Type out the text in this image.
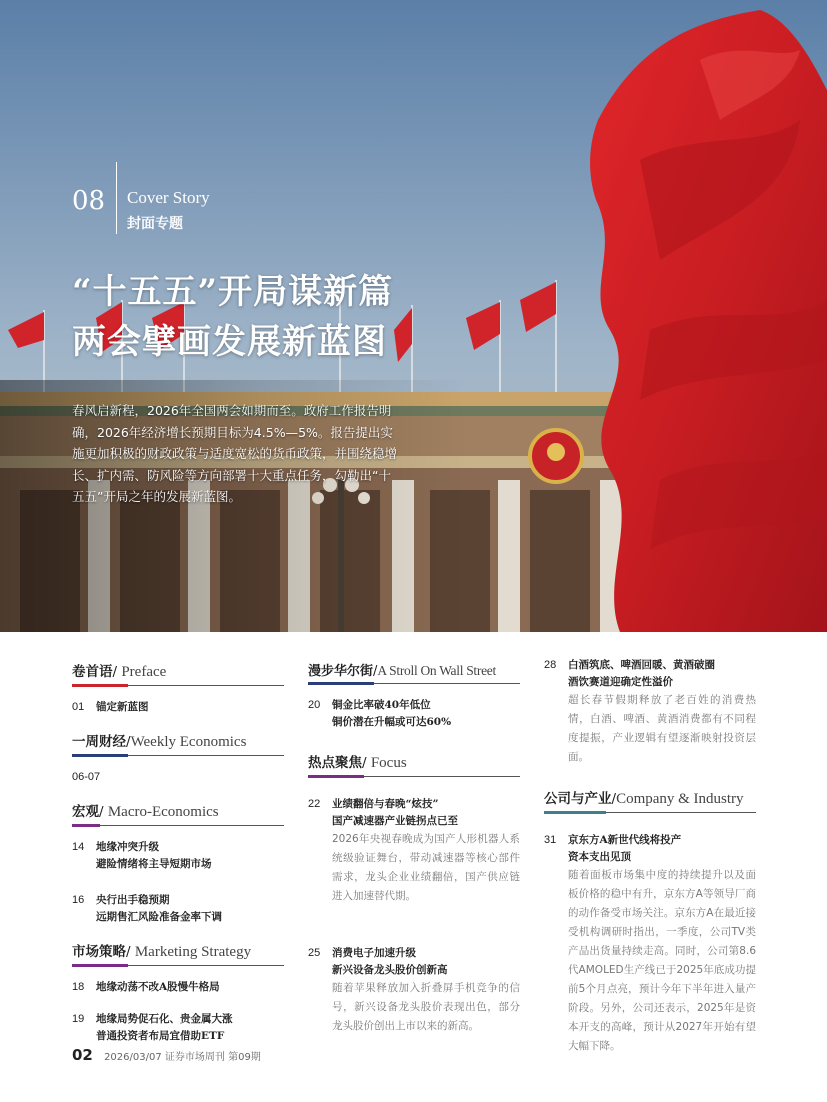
08 Cover Story
封面专题
“十五五”开局谋新篇
两会擘画发展新蓝图
春风启新程，2026年全国两会如期而至。政府工作报告明确，2026年经济增长预期目标为4.5%—5%。报告提出实施更加积极的财政政策与适度宽松的货币政策，并围绕稳增长、扩内需、防风险等方向部署十大重点任务，勾勒出“十五五”开局之年的发展新蓝图。
卷首语/ Preface
01 锚定新蓝图
一周财经/Weekly Economics
06-07
宏观/ Macro-Economics
14 地缘冲突升级
避险情绪将主导短期市场
16 央行出手稳预期
远期售汇风险准备金率下调
市场策略/ Marketing Strategy
18 地缘动荡不改A股慢牛格局
19 地缘局势促石化、贵金属大涨
普通投资者布局宜借助ETF
漫步华尔街/A Stroll On Wall Street
20 铜金比率破40年低位
铜价潜在升幅或可达60%
热点聚焦/ Focus
22 业绩翻倍与春晚“炫技”
国产减速器产业链拐点已至
2026年央视春晚成为国产人形机器人系统级验证舞台，带动减速器等核心部件需求，龙头企业业绩翻倍，国产供应链进入加速替代期。
25 消费电子加速升级
新兴设备龙头股价创新高
随着苹果释放加入折叠屏手机竞争的信号，新兴设备龙头股价表现出色，部分龙头股价创出上市以来的新高。
28 白酒筑底、啤酒回暖、黄酒破圈
酒饮赛道迎确定性溢价
超长春节假期释放了老百姓的消费热情，白酒、啤酒、黄酒消费都有不同程度提振，产业逻辑有望逐渐映射投资层面。
公司与产业/Company & Industry
31 京东方A新世代线将投产
资本支出见顶
随着面板市场集中度的持续提升以及面板价格的稳中有升，京东方A等领导厂商的动作备受市场关注。京东方A在最近接受机构调研时指出，一季度，公司TV类产品出货量持续走高。同时，公司第8.6代AMOLED生产线已于2025年底成功提前5个月点亮，预计今年下半年进入量产阶段。另外，公司还表示，2025年是资本开支的高峰，预计从2027年开始有望大幅下降。
02 2026/03/07 证券市场周刊 第09期
